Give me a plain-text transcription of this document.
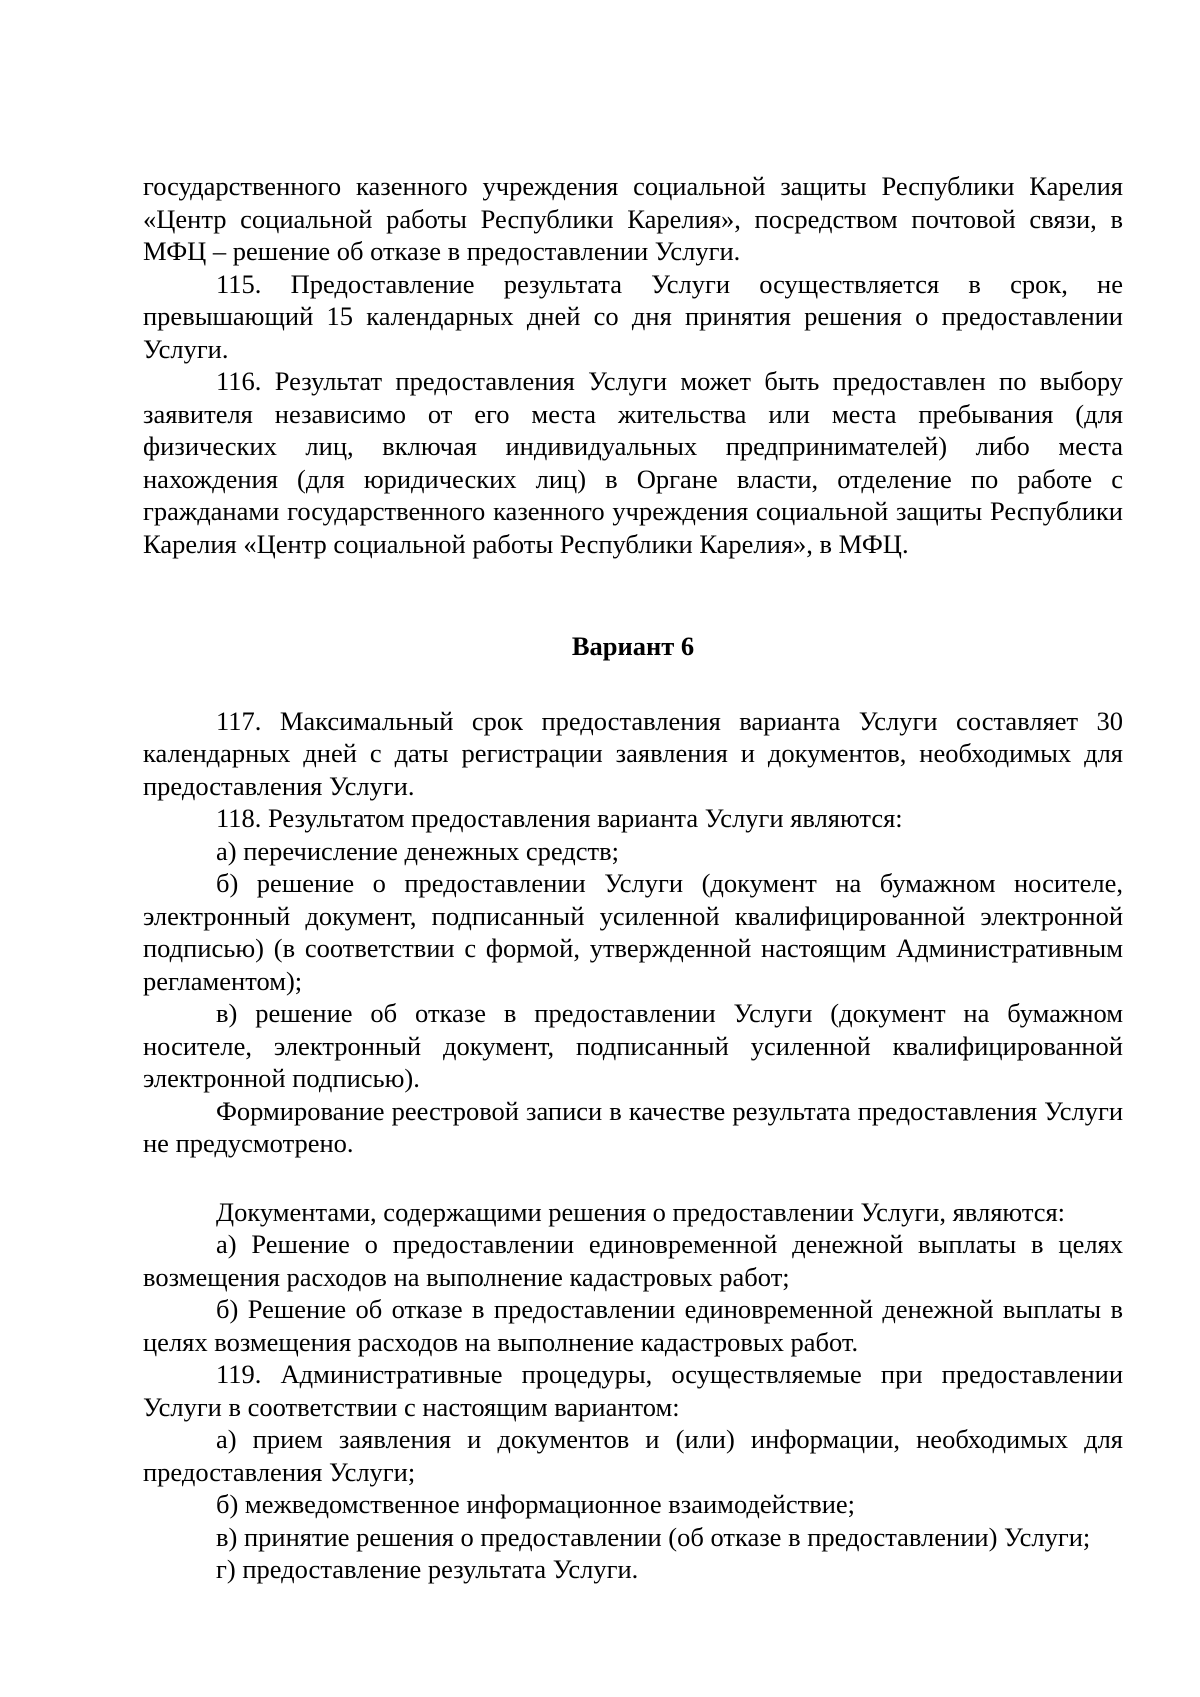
государственного казенного учреждения социальной защиты Республики Карелия «Центр социальной работы Республики Карелия», посредством почтовой связи, в МФЦ – решение об отказе в предоставлении Услуги.

115. Предоставление результата Услуги осуществляется в срок, не превышающий 15 календарных дней со дня принятия решения о предоставлении Услуги.

116. Результат предоставления Услуги может быть предоставлен по выбору заявителя независимо от его места жительства или места пребывания (для физических лиц, включая индивидуальных предпринимателей) либо места нахождения (для юридических лиц) в Органе власти, отделение по работе с гражданами государственного казенного учреждения социальной защиты Республики Карелия «Центр социальной работы Республики Карелия», в МФЦ.

Вариант 6

117. Максимальный срок предоставления варианта Услуги составляет 30 календарных дней с даты регистрации заявления и документов, необходимых для предоставления Услуги.

118. Результатом предоставления варианта Услуги являются:

а) перечисление денежных средств;

б) решение о предоставлении Услуги (документ на бумажном носителе, электронный документ, подписанный усиленной квалифицированной электронной подписью) (в соответствии с формой, утвержденной настоящим Административным регламентом);

в) решение об отказе в предоставлении Услуги (документ на бумажном носителе, электронный документ, подписанный усиленной квалифицированной электронной подписью).

Формирование реестровой записи в качестве результата предоставления Услуги не предусмотрено.

Документами, содержащими решения о предоставлении Услуги, являются:

а) Решение о предоставлении единовременной денежной выплаты в целях возмещения расходов на выполнение кадастровых работ;

б) Решение об отказе в предоставлении единовременной денежной выплаты в целях возмещения расходов на выполнение кадастровых работ.

119. Административные процедуры, осуществляемые при предоставлении Услуги в соответствии с настоящим вариантом:

а) прием заявления и документов и (или) информации, необходимых для предоставления Услуги;

б) межведомственное информационное взаимодействие;

в) принятие решения о предоставлении (об отказе в предоставлении) Услуги;

г) предоставление результата Услуги.
